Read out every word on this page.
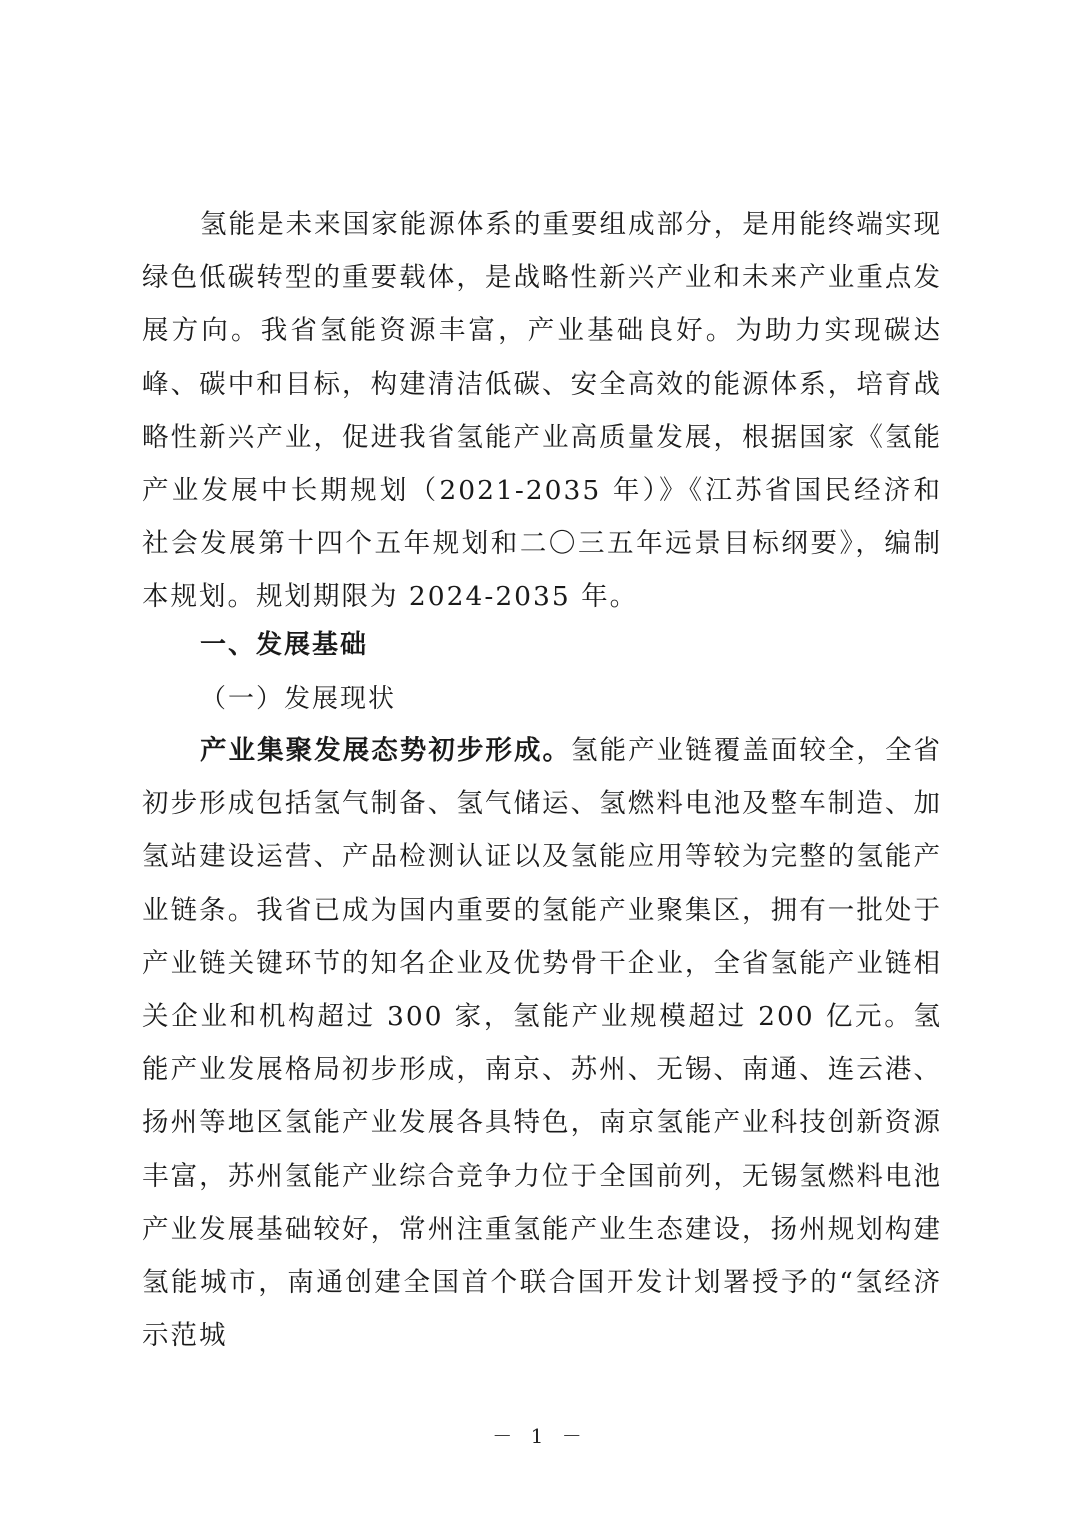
氢能是未来国家能源体系的重要组成部分，是用能终端实现绿色低碳转型的重要载体，是战略性新兴产业和未来产业重点发展方向。我省氢能资源丰富，产业基础良好。为助力实现碳达峰、碳中和目标，构建清洁低碳、安全高效的能源体系，培育战略性新兴产业，促进我省氢能产业高质量发展，根据国家《氢能产业发展中长期规划（2021-2035 年）》《江苏省国民经济和社会发展第十四个五年规划和二〇三五年远景目标纲要》，编制本规划。规划期限为 2024-2035 年。

一、发展基础
（一）发展现状

产业集聚发展态势初步形成。氢能产业链覆盖面较全，全省初步形成包括氢气制备、氢气储运、氢燃料电池及整车制造、加氢站建设运营、产品检测认证以及氢能应用等较为完整的氢能产业链条。我省已成为国内重要的氢能产业聚集区，拥有一批处于产业链关键环节的知名企业及优势骨干企业，全省氢能产业链相关企业和机构超过 300 家，氢能产业规模超过 200 亿元。氢能产业发展格局初步形成，南京、苏州、无锡、南通、连云港、扬州等地区氢能产业发展各具特色，南京氢能产业科技创新资源丰富，苏州氢能产业综合竞争力位于全国前列，无锡氢燃料电池产业发展基础较好，常州注重氢能产业生态建设，扬州规划构建氢能城市，南通创建全国首个联合国开发计划署授予的“氢经济示范城

－ 1 －
